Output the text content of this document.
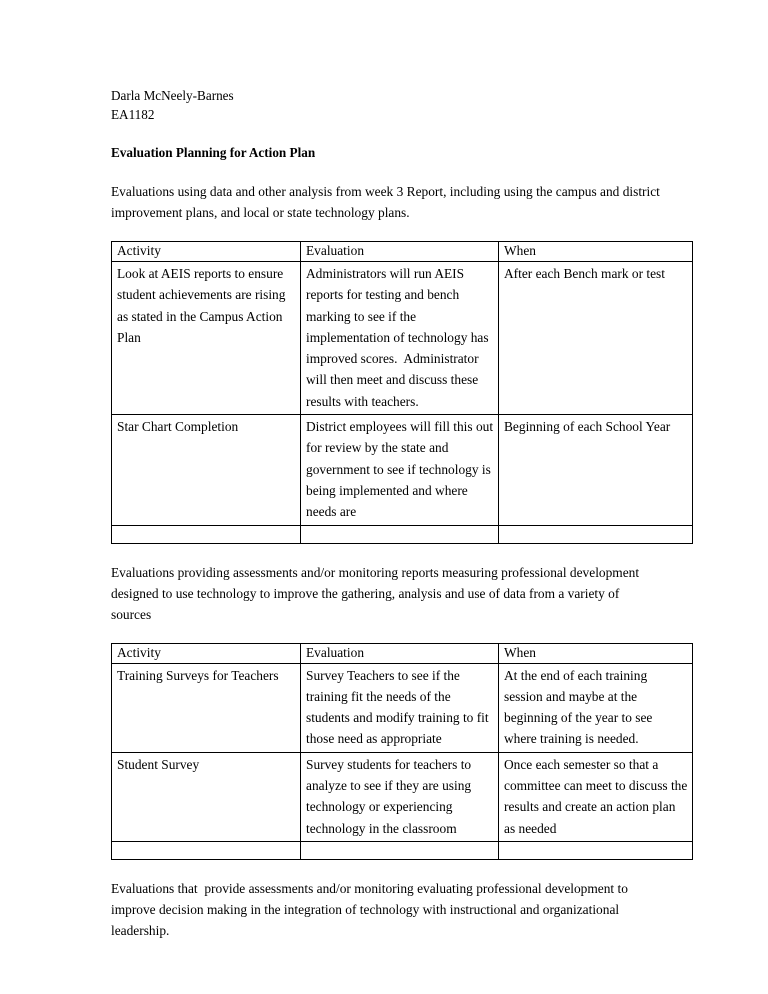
Darla McNeely-Barnes
EA1182
Evaluation Planning for Action Plan

Evaluations using data and other analysis from week 3 Report, including using the campus and district improvement plans, and local or state technology plans.

Activity	Evaluation	When
Look at AEIS reports to ensure student achievements are rising as stated in the Campus Action Plan	Administrators will run AEIS reports for testing and bench marking to see if the implementation of technology has improved scores.  Administrator will then meet and discuss these results with teachers.	After each Bench mark or test
Star Chart Completion	District employees will fill this out for review by the state and government to see if technology is being implemented and where needs are	Beginning of each School Year

Evaluations providing assessments and/or monitoring reports measuring professional development designed to use technology to improve the gathering, analysis and use of data from a variety of sources

Activity	Evaluation	When
Training Surveys for Teachers	Survey Teachers to see if the training fit the needs of the students and modify training to fit those need as appropriate	At the end of each training session and maybe at the beginning of the year to see where training is needed.
Student Survey	Survey students for teachers to analyze to see if they are using technology or experiencing technology in the classroom	Once each semester so that a committee can meet to discuss the results and create an action plan as needed

Evaluations that  provide assessments and/or monitoring evaluating professional development to improve decision making in the integration of technology with instructional and organizational leadership.
